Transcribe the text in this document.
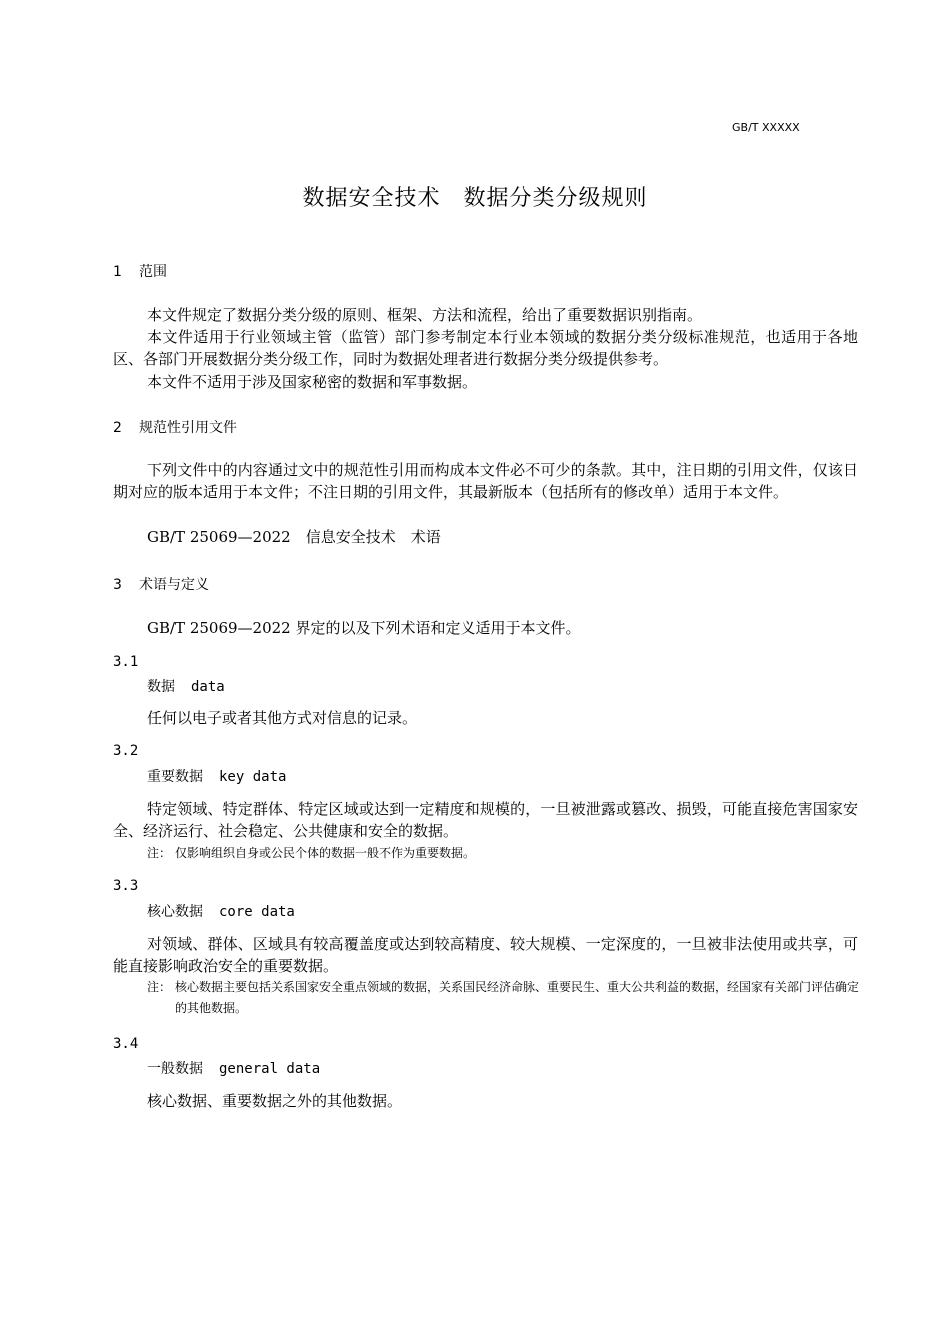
GB/T XXXXX
数据安全技术　数据分类分级规则
1 范围
本文件规定了数据分类分级的原则、框架、方法和流程，给出了重要数据识别指南。
本文件适用于行业领域主管（监管）部门参考制定本行业本领域的数据分类分级标准规范，也适用于各地区、各部门开展数据分类分级工作，同时为数据处理者进行数据分类分级提供参考。
本文件不适用于涉及国家秘密的数据和军事数据。
2 规范性引用文件
下列文件中的内容通过文中的规范性引用而构成本文件必不可少的条款。其中，注日期的引用文件，仅该日期对应的版本适用于本文件；不注日期的引用文件，其最新版本（包括所有的修改单）适用于本文件。
GB/T 25069—2022　信息安全技术　术语
3 术语与定义
GB/T 25069—2022 界定的以及下列术语和定义适用于本文件。
3.1
数据 data
任何以电子或者其他方式对信息的记录。
3.2
重要数据 key data
特定领域、特定群体、特定区域或达到一定精度和规模的，一旦被泄露或篡改、损毁，可能直接危害国家安全、经济运行、社会稳定、公共健康和安全的数据。
注： 仅影响组织自身或公民个体的数据一般不作为重要数据。
3.3
核心数据 core data
对领域、群体、区域具有较高覆盖度或达到较高精度、较大规模、一定深度的，一旦被非法使用或共享，可能直接影响政治安全的重要数据。
注： 核心数据主要包括关系国家安全重点领域的数据，关系国民经济命脉、重要民生、重大公共利益的数据，经国家有关部门评估确定的其他数据。
3.4
一般数据 general data
核心数据、重要数据之外的其他数据。
